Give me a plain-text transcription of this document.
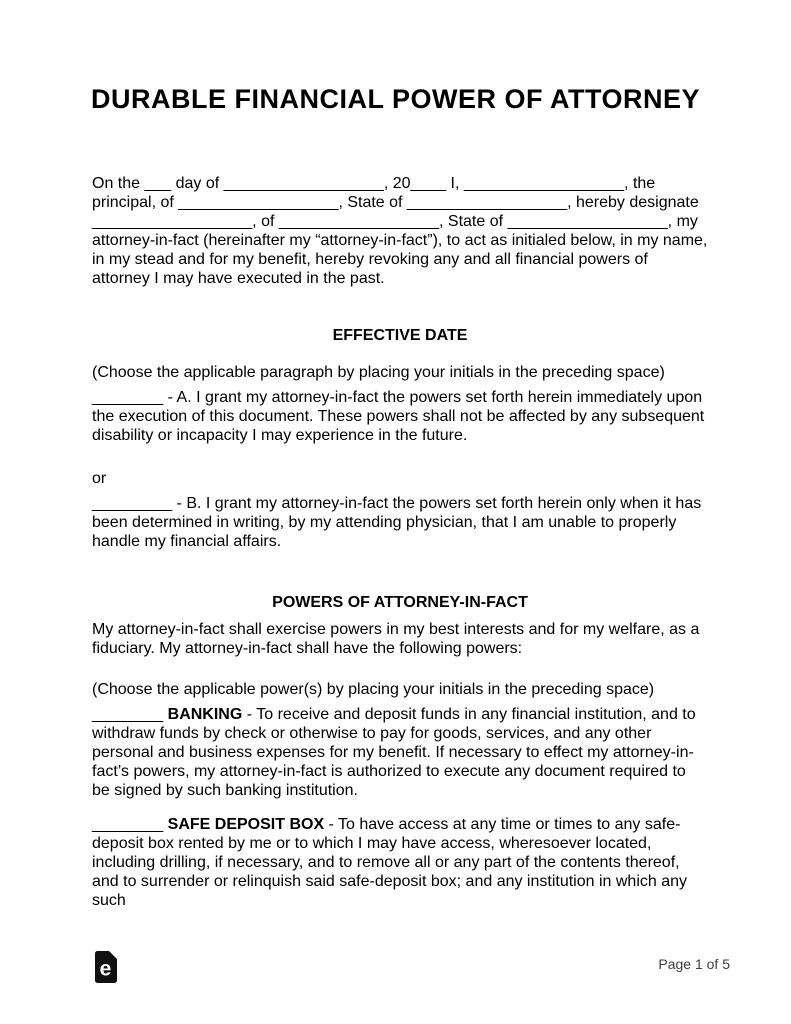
DURABLE FINANCIAL POWER OF ATTORNEY

On the ___ day of __________________, 20____ I, __________________, the principal, of __________________, State of __________________, hereby designate __________________, of __________________, State of __________________, my attorney-in-fact (hereinafter my “attorney-in-fact”), to act as initialed below, in my name, in my stead and for my benefit, hereby revoking any and all financial powers of attorney I may have executed in the past.

EFFECTIVE DATE
(Choose the applicable paragraph by placing your initials in the preceding space)

________ - A. I grant my attorney-in-fact the powers set forth herein immediately upon the execution of this document. These powers shall not be affected by any subsequent disability or incapacity I may experience in the future.

or

_________ - B. I grant my attorney-in-fact the powers set forth herein only when it has been determined in writing, by my attending physician, that I am unable to properly handle my financial affairs.

POWERS OF ATTORNEY-IN-FACT

My attorney-in-fact shall exercise powers in my best interests and for my welfare, as a fiduciary. My attorney-in-fact shall have the following powers:

(Choose the applicable power(s) by placing your initials in the preceding space)

________ BANKING - To receive and deposit funds in any financial institution, and to withdraw funds by check or otherwise to pay for goods, services, and any other personal and business expenses for my benefit. If necessary to effect my attorney-in-fact’s powers, my attorney-in-fact is authorized to execute any document required to be signed by such banking institution.

________ SAFE DEPOSIT BOX - To have access at any time or times to any safe-deposit box rented by me or to which I may have access, wheresoever located, including drilling, if necessary, and to remove all or any part of the contents thereof, and to surrender or relinquish said safe-deposit box; and any institution in which any such

e	Page 1 of 5
